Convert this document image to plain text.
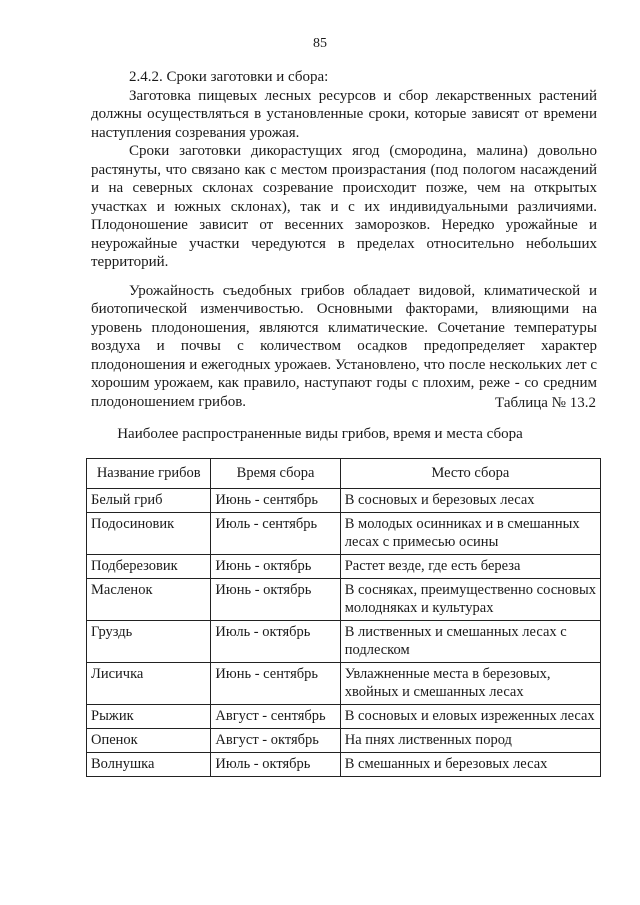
85

2.4.2. Сроки заготовки и сбора:

Заготовка пищевых лесных ресурсов и сбор лекарственных растений должны осуществляться в установленные сроки, которые зависят от времени наступления созревания урожая.

Сроки заготовки дикорастущих ягод (смородина, малина) довольно растянуты, что связано как с местом произрастания (под пологом насаждений и на северных склонах созревание происходит позже, чем на открытых участках и южных склонах), так и с их индивидуальными различиями. Плодоношение зависит от весенних заморозков. Нередко урожайные и неурожайные участки чередуются в пределах относительно небольших территорий.

Урожайность съедобных грибов обладает видовой, климатической и биотопической изменчивостью. Основными факторами, влияющими на уровень плодоношения, являются климатические. Сочетание температуры воздуха и почвы с количеством осадков предопределяет характер плодоношения и ежегодных урожаев. Установлено, что после нескольких лет с хорошим урожаем, как правило, наступают годы с плохим, реже - со средним плодоношением грибов.	Таблица № 13.2
Наиболее распространенные виды грибов, время и места сбора
Название грибов	Время сбора	Место сбора
Белый гриб	Июнь - сентябрь	В сосновых и березовых лесах
Подосиновик	Июль - сентябрь	В молодых осинниках и в смешанных лесах с примесью осины
Подберезовик	Июнь - октябрь	Растет везде, где есть береза
Масленок	Июнь - октябрь	В сосняках, преимущественно сосновых молодняках и культурах
Груздь	Июль - октябрь	В лиственных и смешанных лесах с подлеском
Лисичка	Июнь - сентябрь	Увлажненные места в березовых, хвойных и смешанных лесах
Рыжик	Август - сентябрь	В сосновых и еловых изреженных лесах
Опенок	Август - октябрь	На пнях лиственных пород
Волнушка	Июль - октябрь	В смешанных и березовых лесах
